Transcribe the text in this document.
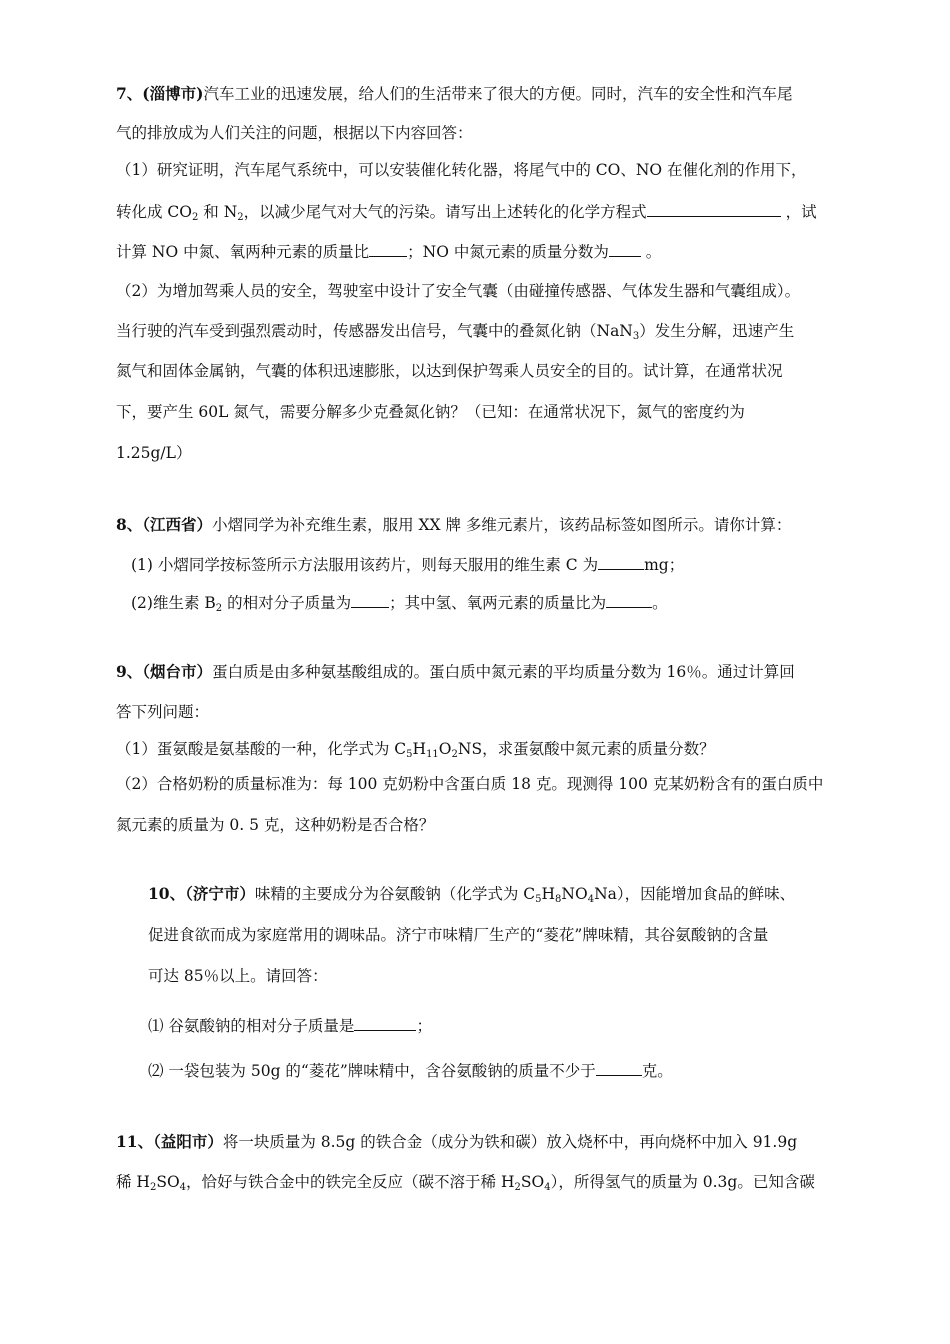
7、(淄博市)汽车工业的迅速发展，给人们的生活带来了很大的方便。同时，汽车的安全性和汽车尾
气的排放成为人们关注的问题，根据以下内容回答：
（1）研究证明，汽车尾气系统中，可以安装催化转化器，将尾气中的 CO、NO 在催化剂的作用下，
转化成 $CO_2$ 和 $N_2$，以减少尾气对大气的污染。请写出上述转化的化学方程式	，试
计算 NO 中氮、氧两种元素的质量比 ；NO 中氮元素的质量分数为 。
（2）为增加驾乘人员的安全，驾驶室中设计了安全气囊（由碰撞传感器、气体发生器和气囊组成）。
当行驶的汽车受到强烈震动时，传感器发出信号，气囊中的叠氮化钠（NaN$_3$）发生分解，迅速产生
氮气和固体金属钠，气囊的体积迅速膨胀，以达到保护驾乘人员安全的目的。试计算，在通常状况
下，要产生 60L 氮气，需要分解多少克叠氮化钠？（已知：在通常状况下，氮气的密度约为
1.25g/L）
8、（江西省）小熠同学为补充维生素，服用 XX 牌 多维元素片，该药品标签如图所示。请你计算：
(1) 小熠同学按标签所示方法服用该药片，则每天服用的维生素 C 为	mg；
(2)维生素 $B_2$ 的相对分子质量为 ；其中氢、氧两元素的质量比为	。
9、（烟台市）蛋白质是由多种氨基酸组成的。蛋白质中氮元素的平均质量分数为 16％。通过计算回
答下列问题：
（1）蛋氨酸是氨基酸的一种，化学式为 $C_5H_{11}O_2NS$，求蛋氨酸中氮元素的质量分数？
（2）合格奶粉的质量标准为：每 100 克奶粉中含蛋白质 18 克。现测得 100 克某奶粉含有的蛋白质中
氮元素的质量为 0. 5 克，这种奶粉是否合格？
10、（济宁市）味精的主要成分为谷氨酸钠（化学式为 $C_5H_8NO_4Na$），因能增加食品的鲜味、
促进食欲而成为家庭常用的调味品。济宁市味精厂生产的“菱花”牌味精，其谷氨酸钠的含量
可达 85％以上。请回答：
⑴ 谷氨酸钠的相对分子质量是	；
⑵ 一袋包装为 50g 的“菱花”牌味精中，含谷氨酸钠的质量不少于	克。
11、（益阳市）将一块质量为 8.5g 的铁合金（成分为铁和碳）放入烧杯中，再向烧杯中加入 91.9g
稀 $H_2SO_4$，恰好与铁合金中的铁完全反应（碳不溶于稀 $H_2SO_4$），所得氢气的质量为 0.3g。已知含碳
